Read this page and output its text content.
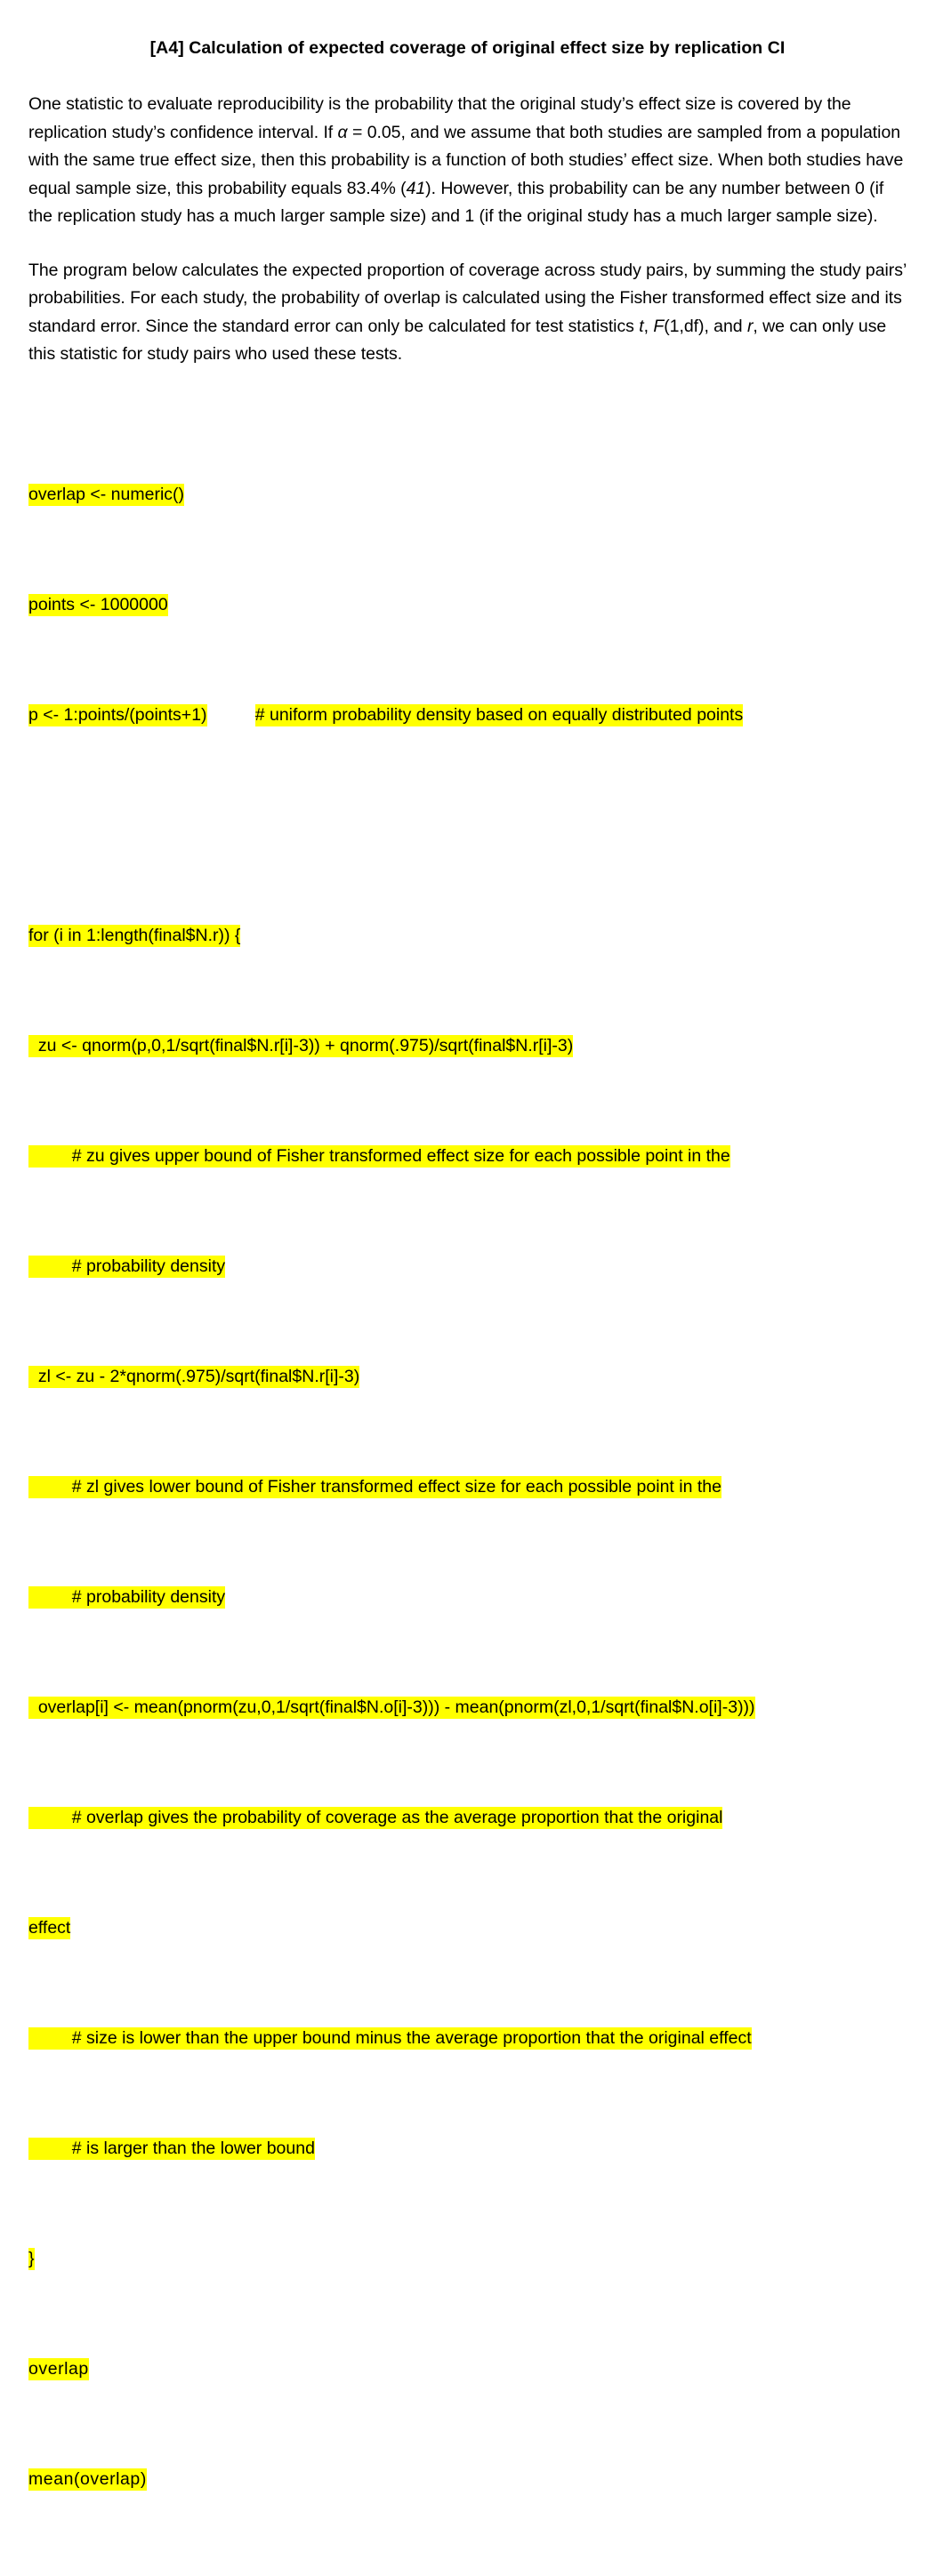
[A4] Calculation of expected coverage of original effect size by replication CI

One statistic to evaluate reproducibility is the probability that the original study’s effect size is covered by the replication study’s confidence interval. If α = 0.05, and we assume that both studies are sampled from a population with the same true effect size, then this probability is a function of both studies’ effect size. When both studies have equal sample size, this probability equals 83.4% (41). However, this probability can be any number between 0 (if the replication study has a much larger sample size) and 1 (if the original study has a much larger sample size).

The program below calculates the expected proportion of coverage across study pairs, by summing the study pairs’ probabilities. For each study, the probability of overlap is calculated using the Fisher transformed effect size and its standard error. Since the standard error can only be calculated for test statistics t, F(1,df), and r, we can only use this statistic for study pairs who used these tests.

overlap <- numeric()

points <- 1000000

p <- 1:points/(points+1)	# uniform probability density based on equally distributed points

for (i in 1:length(final$N.r)) {

zu <- qnorm(p,0,1/sqrt(final$N.r[i]-3)) + qnorm(.975)/sqrt(final$N.r[i]-3)

# zu gives upper bound of Fisher transformed effect size for each possible point in the

# probability density

zl <- zu - 2*qnorm(.975)/sqrt(final$N.r[i]-3)

# zl gives lower bound of Fisher transformed effect size for each possible point in the

# probability density

overlap[i] <- mean(pnorm(zu,0,1/sqrt(final$N.o[i]-3))) - mean(pnorm(zl,0,1/sqrt(final$N.o[i]-3)))

# overlap gives the probability of coverage as the average proportion that the original

effect

# size is lower than the upper bound minus the average proportion that the original effect

# is larger than the lower bound

}

overlap

mean(overlap)
